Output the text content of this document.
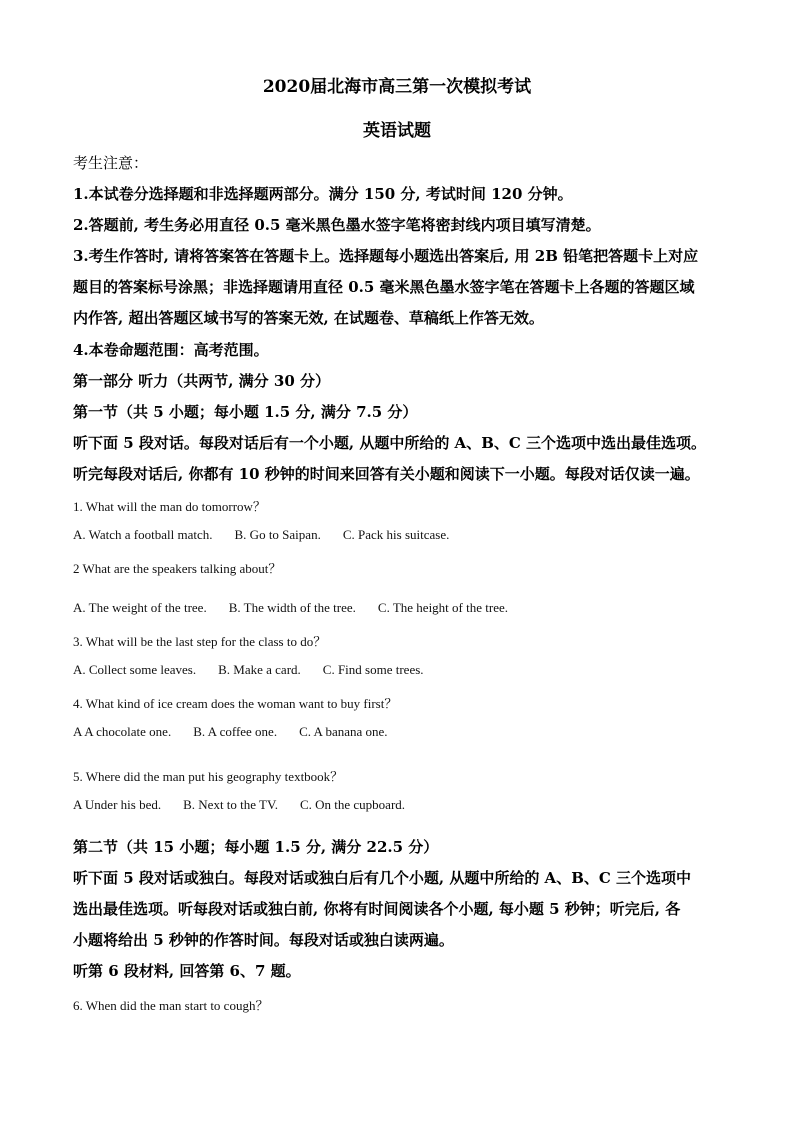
2020届北海市高三第一次模拟考试
英语试题
考生注意：
1.本试卷分选择题和非选择题两部分。满分 150 分, 考试时间 120 分钟。
2.答题前, 考生务必用直径 0.5 毫米黑色墨水签字笔将密封线内项目填写清楚。
3.考生作答时, 请将答案答在答题卡上。选择题每小题选出答案后, 用 2B 铅笔把答题卡上对应
题目的答案标号涂黑；非选择题请用直径 0.5 毫米黑色墨水签字笔在答题卡上各题的答题区域
内作答, 超出答题区域书写的答案无效, 在试题卷、草稿纸上作答无效。
4.本卷命题范围：高考范围。
第一部分 听力（共两节, 满分 30 分）
第一节（共 5 小题；每小题 1.5 分, 满分 7.5 分）
听下面 5 段对话。每段对话后有一个小题, 从题中所给的 A、B、C 三个选项中选出最佳选项。
听完每段对话后, 你都有 10 秒钟的时间来回答有关小题和阅读下一小题。每段对话仅读一遍。
1. What will the man do tomorrow？
A. Watch a football match. B. Go to Saipan. C. Pack his suitcase.
2 What are the speakers talking about？
A. The weight of the tree. B. The width of the tree. C. The height of the tree.
3. What will be the last step for the class to do？
A. Collect some leaves. B. Make a card. C. Find some trees.
4. What kind of ice cream does the woman want to buy first？
A A chocolate one. B. A coffee one. C. A banana one.
5. Where did the man put his geography textbook？
A Under his bed. B. Next to the TV. C. On the cupboard.
第二节（共 15 小题；每小题 1.5 分, 满分 22.5 分）
听下面 5 段对话或独白。每段对话或独白后有几个小题, 从题中所给的 A、B、C 三个选项中
选出最佳选项。听每段对话或独白前, 你将有时间阅读各个小题, 每小题 5 秒钟；听完后, 各
小题将给出 5 秒钟的作答时间。每段对话或独白读两遍。
听第 6 段材料, 回答第 6、7 题。
6. When did the man start to cough？
